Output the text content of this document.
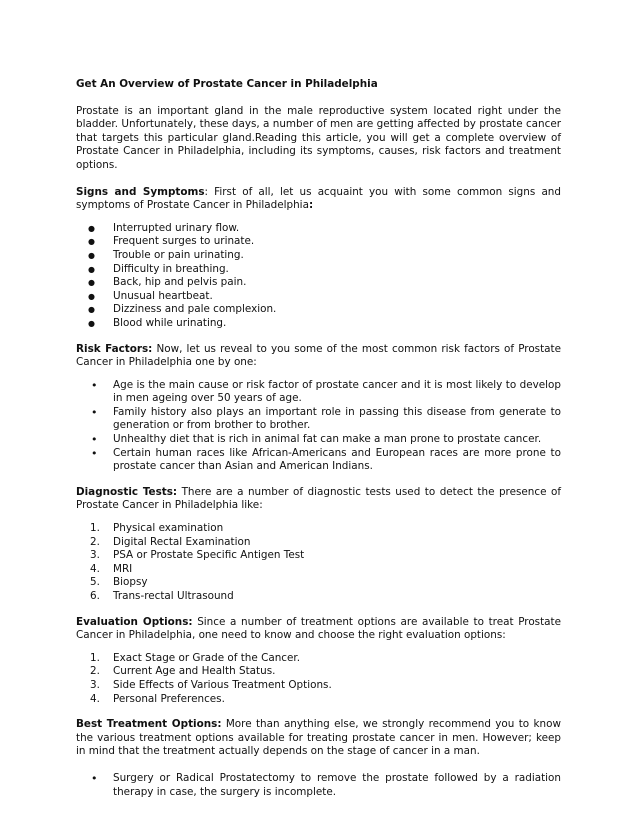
Get An Overview of Prostate Cancer in Philadelphia

Prostate is an important gland in the male reproductive system located right under the bladder. Unfortunately, these days, a number of men are getting affected by prostate cancer that targets this particular gland.Reading this article, you will get a complete overview of Prostate Cancer in Philadelphia, including its symptoms, causes, risk factors and treatment options.

Signs and Symptoms: First of all, let us acquaint you with some common signs and symptoms of Prostate Cancer in Philadelphia:

● Interrupted urinary flow.
● Frequent surges to urinate.
● Trouble or pain urinating.
● Difficulty in breathing.
● Back, hip and pelvis pain.
● Unusual heartbeat.
● Dizziness and pale complexion.
● Blood while urinating.

Risk Factors: Now, let us reveal to you some of the most common risk factors of Prostate Cancer in Philadelphia one by one:

• Age is the main cause or risk factor of prostate cancer and it is most likely to develop in men ageing over 50 years of age.
• Family history also plays an important role in passing this disease from generate to generation or from brother to brother.
• Unhealthy diet that is rich in animal fat can make a man prone to prostate cancer.
• Certain human races like African-Americans and European races are more prone to prostate cancer than Asian and American Indians.

Diagnostic Tests: There are a number of diagnostic tests used to detect the presence of Prostate Cancer in Philadelphia like:

1. Physical examination
2. Digital Rectal Examination
3. PSA or Prostate Specific Antigen Test
4. MRI
5. Biopsy
6. Trans-rectal Ultrasound

Evaluation Options: Since a number of treatment options are available to treat Prostate Cancer in Philadelphia, one need to know and choose the right evaluation options:

1. Exact Stage or Grade of the Cancer.
2. Current Age and Health Status.
3. Side Effects of Various Treatment Options.
4. Personal Preferences.

Best Treatment Options: More than anything else, we strongly recommend you to know the various treatment options available for treating prostate cancer in men. However; keep in mind that the treatment actually depends on the stage of cancer in a man.

• Surgery or Radical Prostatectomy to remove the prostate followed by a radiation therapy in case, the surgery is incomplete.
